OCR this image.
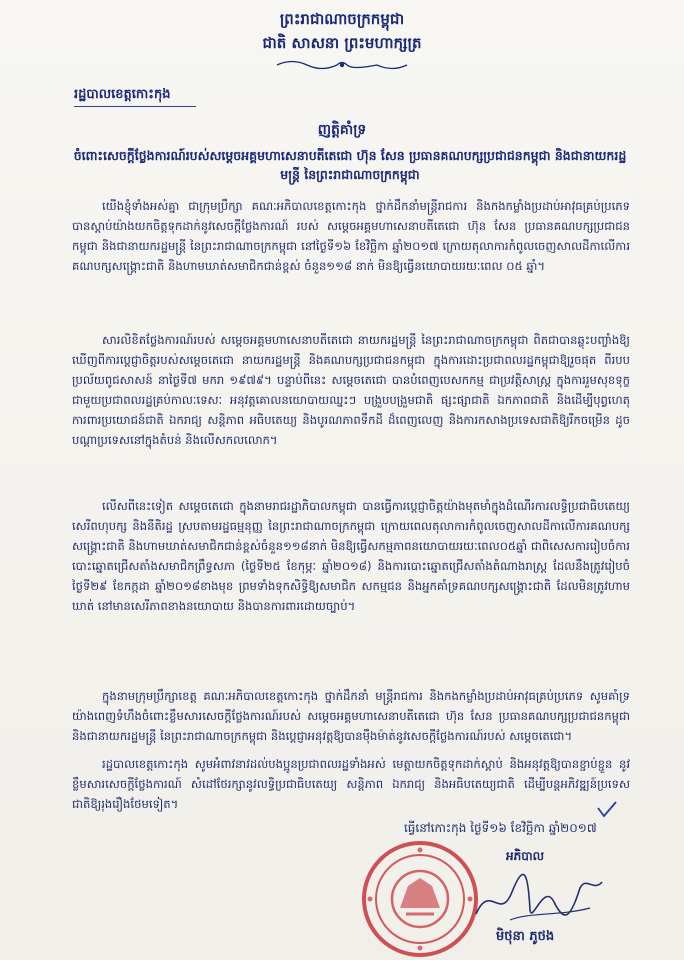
ព្រះរាជាណាចក្រកម្ពុជា
ជាតិ សាសនា ព្រះមហាក្សត្រ
រដ្ឋបាលខេត្តកោះកុង
ញត្តិគាំទ្រ
ចំពោះសេចក្តីថ្លែងការណ៍របស់សម្តេចអគ្គមហាសេនាបតីតេជោ ហ៊ុន សែន ប្រធានគណបក្សប្រជាជនកម្ពុជា និងជានាយករដ្ឋមន្ត្រី នៃព្រះរាជាណាចក្រកម្ពុជា
យើងខ្ញុំទាំងអស់គ្នា ជាក្រុមប្រឹក្សា គណៈអភិបាលខេត្តកោះកុង ថ្នាក់ដឹកនាំមន្ត្រីរាជការ និងកងកម្លាំងប្រដាប់អាវុធគ្រប់ប្រភេទ បានស្តាប់យ៉ាងយកចិត្តទុកដាក់នូវសេចក្តីថ្លែងការណ៍ របស់ សម្តេចអគ្គមហាសេនាបតីតេជោ ហ៊ុន សែន ប្រធានគណបក្សប្រជាជនកម្ពុជា និងជានាយករដ្ឋមន្ត្រី នៃព្រះរាជាណាចក្រកម្ពុជា នៅថ្ងៃទី១៦ ខែវិច្ឆិកា ឆ្នាំ២០១៧ ក្រោយតុលាការកំពូលចេញសាលដីកាលើការ គណបក្សសង្គ្រោះជាតិ និងហាមឃាត់សមាជិកជាន់ខ្ពស់ ចំនួន១១៨ នាក់ មិនឱ្យធ្វើនយោបាយរយៈពេល ០៥ ឆ្នាំ។
សារលិខិតថ្លែងការណ៍របស់ សម្តេចអគ្គមហាសេនាបតីតេជោ នាយករដ្ឋមន្ត្រី នៃព្រះរាជាណាចក្រកម្ពុជា ពិតជាបានឆ្លុះបញ្ចាំងឱ្យឃើញពីការប្តេជ្ញាចិត្តរបស់សម្តេចតេជោ នាយករដ្ឋមន្ត្រី និងគណបក្សប្រជាជនកម្ពុជា ក្នុងការដោះប្រជាពលរដ្ឋកម្ពុជាឱ្យរួចផុត ពីរបបប្រល័យពូជសាសន៍ នាថ្ងៃទី៧ មករា ១៩៧៩។ បន្ទាប់ពីនេះ សម្តេចតេជោ បានបំពេញបេសកកម្ម ជាប្រវត្តិសាស្ត្រ ក្នុងការរួមសុខទុក្ខជាមួយប្រជាពលរដ្ឋគ្រប់កាលៈទេសៈ អនុវត្តគោលនយោបាយឈ្នះៗ បង្រួបបង្រួមជាតិ ផ្សះផ្សាជាតិ ឯកភាពជាតិ និងដើម្បីបុព្វហេតុការពារប្រយោជន៍ជាតិ ឯករាជ្យ សន្តិភាព អធិបតេយ្យ និងបូរណភាពទឹកដី ដ៏ពេញលេញ និងការកសាងប្រទេសជាតិឱ្យរីកចម្រើន ដូចបណ្តាប្រទេសនៅក្នុងតំបន់ និងលើសកលលោក។
លើសពីនេះទៀត សម្តេចតេជោ ក្នុងនាមរាជរដ្ឋាភិបាលកម្ពុជា បានធ្វើការប្តេជ្ញាចិត្តយ៉ាងមុតមាំក្នុងដំណើរការលទ្ធិប្រជាធិបតេយ្យ សេរីពហុបក្ស និងនីតិរដ្ឋ ស្របតាមរដ្ឋធម្មនុញ្ញ នៃព្រះរាជាណាចក្រកម្ពុជា ក្រោយពេលតុលាការកំពូលចេញសាលដីកាលើការគណបក្សសង្គ្រោះជាតិ និងហាមឃាត់សមាជិកជាន់ខ្ពស់ចំនួន១១៨នាក់ មិនឱ្យធ្វើសកម្មភាពនយោបាយរយៈពេល០៥ឆ្នាំ ជាពិសេសការរៀបចំការបោះឆ្នោតជ្រើសតាំងសមាជិកព្រឹទ្ធសភា (ថ្ងៃទី២៥ ខែកុម្ភៈ ឆ្នាំ២០១៨) និងការបោះឆ្នោតជ្រើសតាំងតំណាងរាស្ត្រ ដែលនឹងត្រូវរៀបចំថ្ងៃទី២៩ ខែកក្កដា ឆ្នាំ២០១៨ខាងមុខ ព្រមទាំងទុកសិទ្ធិឱ្យសមាជិក សកម្មជន និងអ្នកគាំទ្រគណបក្សសង្គ្រោះជាតិ ដែលមិនត្រូវហាមឃាត់ នៅមានសេរីភាពខាងនយោបាយ និងបានការពារដោយច្បាប់។
ក្នុងនាមក្រុមប្រឹក្សាខេត្ត គណៈអភិបាលខេត្តកោះកុង ថ្នាក់ដឹកនាំ មន្ត្រីរាជការ និងកងកម្លាំងប្រដាប់អាវុធគ្រប់ប្រភេទ សូមគាំទ្រយ៉ាងពេញទំហឹងចំពោះខ្លឹមសារសេចក្តីថ្លែងការណ៍របស់ សម្តេចអគ្គមហាសេនាបតីតេជោ ហ៊ុន សែន ប្រធានគណបក្សប្រជាជនកម្ពុជា និងជានាយករដ្ឋមន្ត្រី នៃព្រះរាជាណាចក្រកម្ពុជា និងប្តេជ្ញាអនុវត្តឱ្យបានម៉ឺងម៉ាត់នូវសេចក្តីថ្លែងការណ៍របស់ សម្តេចតេជោ។
រដ្ឋបាលខេត្តកោះកុង សូមអំពាវនាវដល់បងប្អូនប្រជាពលរដ្ឋទាំងអស់ មេត្តាយកចិត្តទុកដាក់ស្តាប់ និងអនុវត្តឱ្យបានខ្ជាប់ខ្ជួន នូវខ្លឹមសារសេចក្តីថ្លែងការណ៍ សំដៅថែរក្សានូវលទ្ធិប្រជាធិបតេយ្យ សន្តិភាព ឯករាជ្យ និងអធិបតេយ្យជាតិ ដើម្បីបន្តអភិវឌ្ឍន៍ប្រទេសជាតិឱ្យរុងរឿងថែមទៀត។
ធ្វើនៅកោះកុង ថ្ងៃទី១៦ ខែវិច្ឆិកា ឆ្នាំ២០១៧
អភិបាល
មិថុនា ភូថង
